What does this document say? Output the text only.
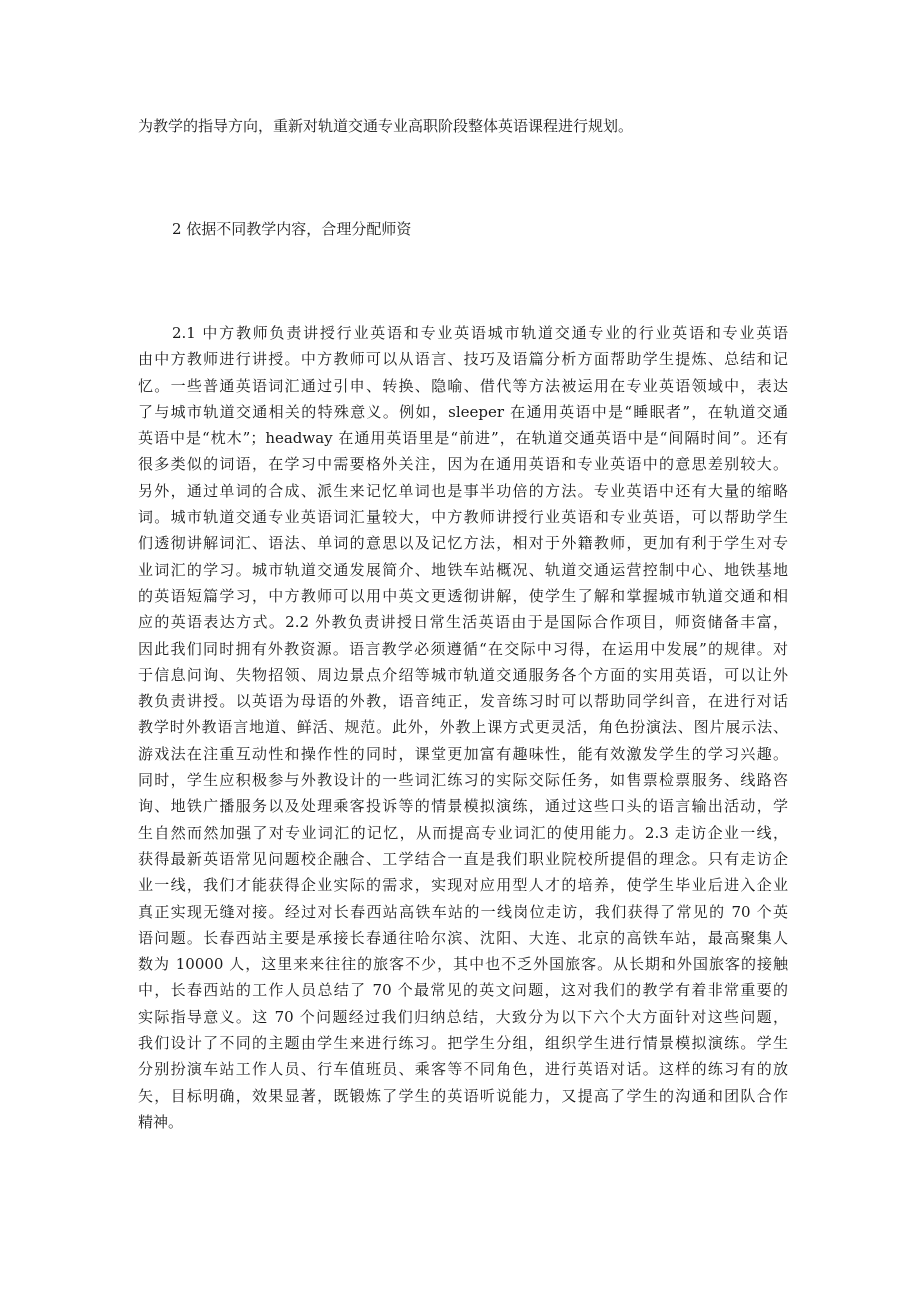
为教学的指导方向，重新对轨道交通专业高职阶段整体英语课程进行规划。

2 依据不同教学内容，合理分配师资
2.1 中方教师负责讲授行业英语和专业英语城市轨道交通专业的行业英语和专业英语
由中方教师进行讲授。中方教师可以从语言、技巧及语篇分析方面帮助学生提炼、总结和记
忆。一些普通英语词汇通过引申、转换、隐喻、借代等方法被运用在专业英语领域中，表达
了与城市轨道交通相关的特殊意义。例如，sleeper 在通用英语中是“睡眠者”，在轨道交通
英语中是“枕木”；headway 在通用英语里是“前进”，在轨道交通英语中是“间隔时间”。还有
很多类似的词语，在学习中需要格外关注，因为在通用英语和专业英语中的意思差别较大。
另外，通过单词的合成、派生来记忆单词也是事半功倍的方法。专业英语中还有大量的缩略
词。城市轨道交通专业英语词汇量较大，中方教师讲授行业英语和专业英语，可以帮助学生
们透彻讲解词汇、语法、单词的意思以及记忆方法，相对于外籍教师，更加有利于学生对专
业词汇的学习。城市轨道交通发展简介、地铁车站概况、轨道交通运营控制中心、地铁基地
的英语短篇学习，中方教师可以用中英文更透彻讲解，使学生了解和掌握城市轨道交通和相
应的英语表达方式。2.2 外教负责讲授日常生活英语由于是国际合作项目，师资储备丰富，
因此我们同时拥有外教资源。语言教学必须遵循“在交际中习得，在运用中发展”的规律。对
于信息问询、失物招领、周边景点介绍等城市轨道交通服务各个方面的实用英语，可以让外
教负责讲授。以英语为母语的外教，语音纯正，发音练习时可以帮助同学纠音，在进行对话
教学时外教语言地道、鲜活、规范。此外，外教上课方式更灵活，角色扮演法、图片展示法、
游戏法在注重互动性和操作性的同时，课堂更加富有趣味性，能有效激发学生的学习兴趣。
同时，学生应积极参与外教设计的一些词汇练习的实际交际任务，如售票检票服务、线路咨
询、地铁广播服务以及处理乘客投诉等的情景模拟演练，通过这些口头的语言输出活动，学
生自然而然加强了对专业词汇的记忆，从而提高专业词汇的使用能力。2.3 走访企业一线，
获得最新英语常见问题校企融合、工学结合一直是我们职业院校所提倡的理念。只有走访企
业一线，我们才能获得企业实际的需求，实现对应用型人才的培养，使学生毕业后进入企业
真正实现无缝对接。经过对长春西站高铁车站的一线岗位走访，我们获得了常见的 70 个英
语问题。长春西站主要是承接长春通往哈尔滨、沈阳、大连、北京的高铁车站，最高聚集人
数为 10000 人，这里来来往往的旅客不少，其中也不乏外国旅客。从长期和外国旅客的接触
中，长春西站的工作人员总结了 70 个最常见的英文问题，这对我们的教学有着非常重要的
实际指导意义。这 70 个问题经过我们归纳总结，大致分为以下六个大方面针对这些问题，
我们设计了不同的主题由学生来进行练习。把学生分组，组织学生进行情景模拟演练。学生
分别扮演车站工作人员、行车值班员、乘客等不同角色，进行英语对话。这样的练习有的放
矢，目标明确，效果显著，既锻炼了学生的英语听说能力，又提高了学生的沟通和团队合作
精神。
